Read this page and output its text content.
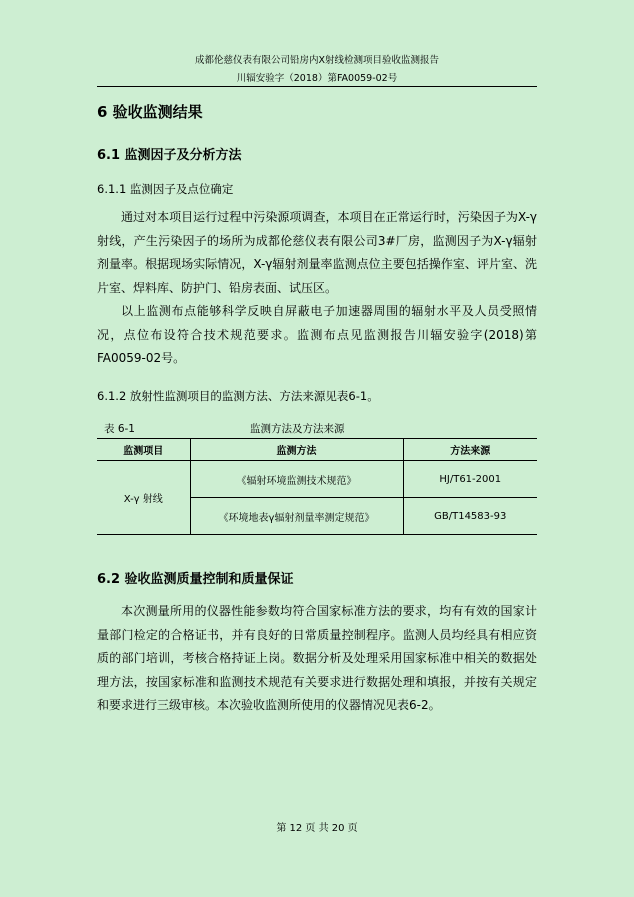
成都伦慈仪表有限公司铅房内X射线检测项目验收监测报告
川辐安验字（2018）第FA0059-02号
6 验收监测结果
6.1 监测因子及分析方法
6.1.1 监测因子及点位确定

通过对本项目运行过程中污染源项调查，本项目在正常运行时，污染因子为X-γ射线，产生污染因子的场所为成都伦慈仪表有限公司3#厂房，监测因子为X-γ辐射剂量率。根据现场实际情况，X-γ辐射剂量率监测点位主要包括操作室、评片室、洗片室、焊料库、防护门、铅房表面、试压区。

以上监测布点能够科学反映自屏蔽电子加速器周围的辐射水平及人员受照情况，点位布设符合技术规范要求。监测布点见监测报告川辐安验字(2018)第FA0059-02号。

6.1.2 放射性监测项目的监测方法、方法来源见表6-1。
表 6-1	监测方法及方法来源
监测项目	监测方法	方法来源
X-γ 射线	《辐射环境监测技术规范》	HJ/T61-2001
	《环境地表γ辐射剂量率测定规范》	GB/T14583-93
6.2 验收监测质量控制和质量保证

本次测量所用的仪器性能参数均符合国家标准方法的要求，均有有效的国家计量部门检定的合格证书，并有良好的日常质量控制程序。监测人员均经具有相应资质的部门培训，考核合格持证上岗。数据分析及处理采用国家标准中相关的数据处理方法，按国家标准和监测技术规范有关要求进行数据处理和填报，并按有关规定和要求进行三级审核。本次验收监测所使用的仪器情况见表6-2。

第 12 页 共 20 页
